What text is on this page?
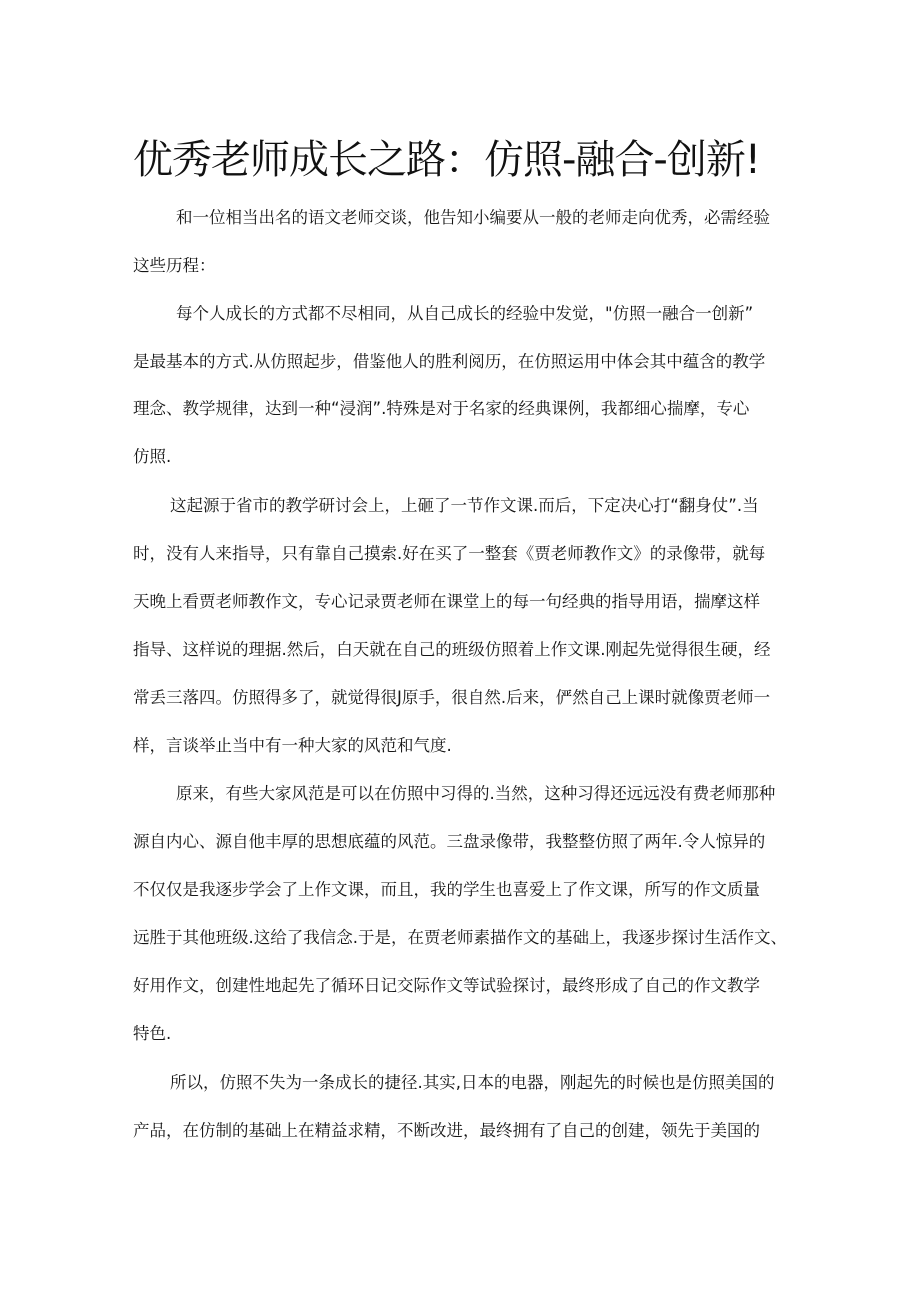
优秀老师成长之路：仿照-融合-创新!

和一位相当出名的语文老师交谈，他告知小编要从一般的老师走向优秀，必需经验

这些历程：

每个人成长的方式都不尽相同，从自己成长的经验中发觉，"仿照一融合一创新”

是最基本的方式.从仿照起步，借鉴他人的胜利阅历，在仿照运用中体会其中蕴含的教学

理念、教学规律，达到一种“浸润”.特殊是对于名家的经典课例，我都细心揣摩，专心

仿照.

这起源于省市的教学研讨会上，上砸了一节作文课.而后，下定决心打“翻身仗”.当

时，没有人来指导，只有靠自己摸索.好在买了一整套《贾老师教作文》的录像带，就每

天晚上看贾老师教作文，专心记录贾老师在课堂上的每一句经典的指导用语，揣摩这样

指导、这样说的理据.然后，白天就在自己的班级仿照着上作文课.刚起先觉得很生硬，经

常丢三落四。仿照得多了，就觉得很J原手，很自然.后来，俨然自己上课时就像贾老师一

样，言谈举止当中有一种大家的风范和气度.

原来，有些大家风范是可以在仿照中习得的.当然，这种习得还远远没有费老师那种

源自内心、源自他丰厚的思想底蕴的风范。三盘录像带，我整整仿照了两年.令人惊异的

不仅仅是我逐步学会了上作文课，而且，我的学生也喜爱上了作文课，所写的作文质量

远胜于其他班级.这给了我信念.于是，在贾老师素描作文的基础上，我逐步探讨生活作文、

好用作文，创建性地起先了循环日记交际作文等试验探讨，最终形成了自己的作文教学

特色.

所以，仿照不失为一条成长的捷径.其实,日本的电器，刚起先的时候也是仿照美国的

产品，在仿制的基础上在精益求精，不断改进，最终拥有了自己的创建，领先于美国的
